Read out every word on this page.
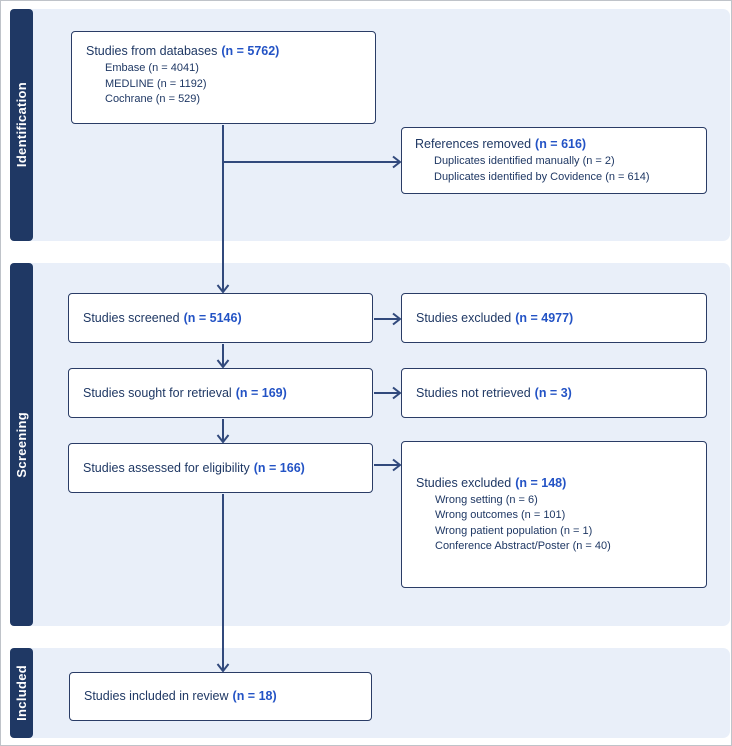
Identification
Screening
Included
Studies from databases (n = 5762)
Embase (n = 4041)
MEDLINE (n = 1192)
Cochrane (n = 529)
References removed (n = 616)
Duplicates identified manually (n = 2)
Duplicates identified by Covidence (n = 614)
Studies screened (n = 5146)	Studies excluded (n = 4977)
Studies sought for retrieval (n = 169)	Studies not retrieved (n = 3)
Studies assessed for eligibility (n = 166)
Studies excluded (n = 148)
Wrong setting (n = 6)
Wrong outcomes (n = 101)
Wrong patient population (n = 1)
Conference Abstract/Poster (n = 40)
Studies included in review (n = 18)
